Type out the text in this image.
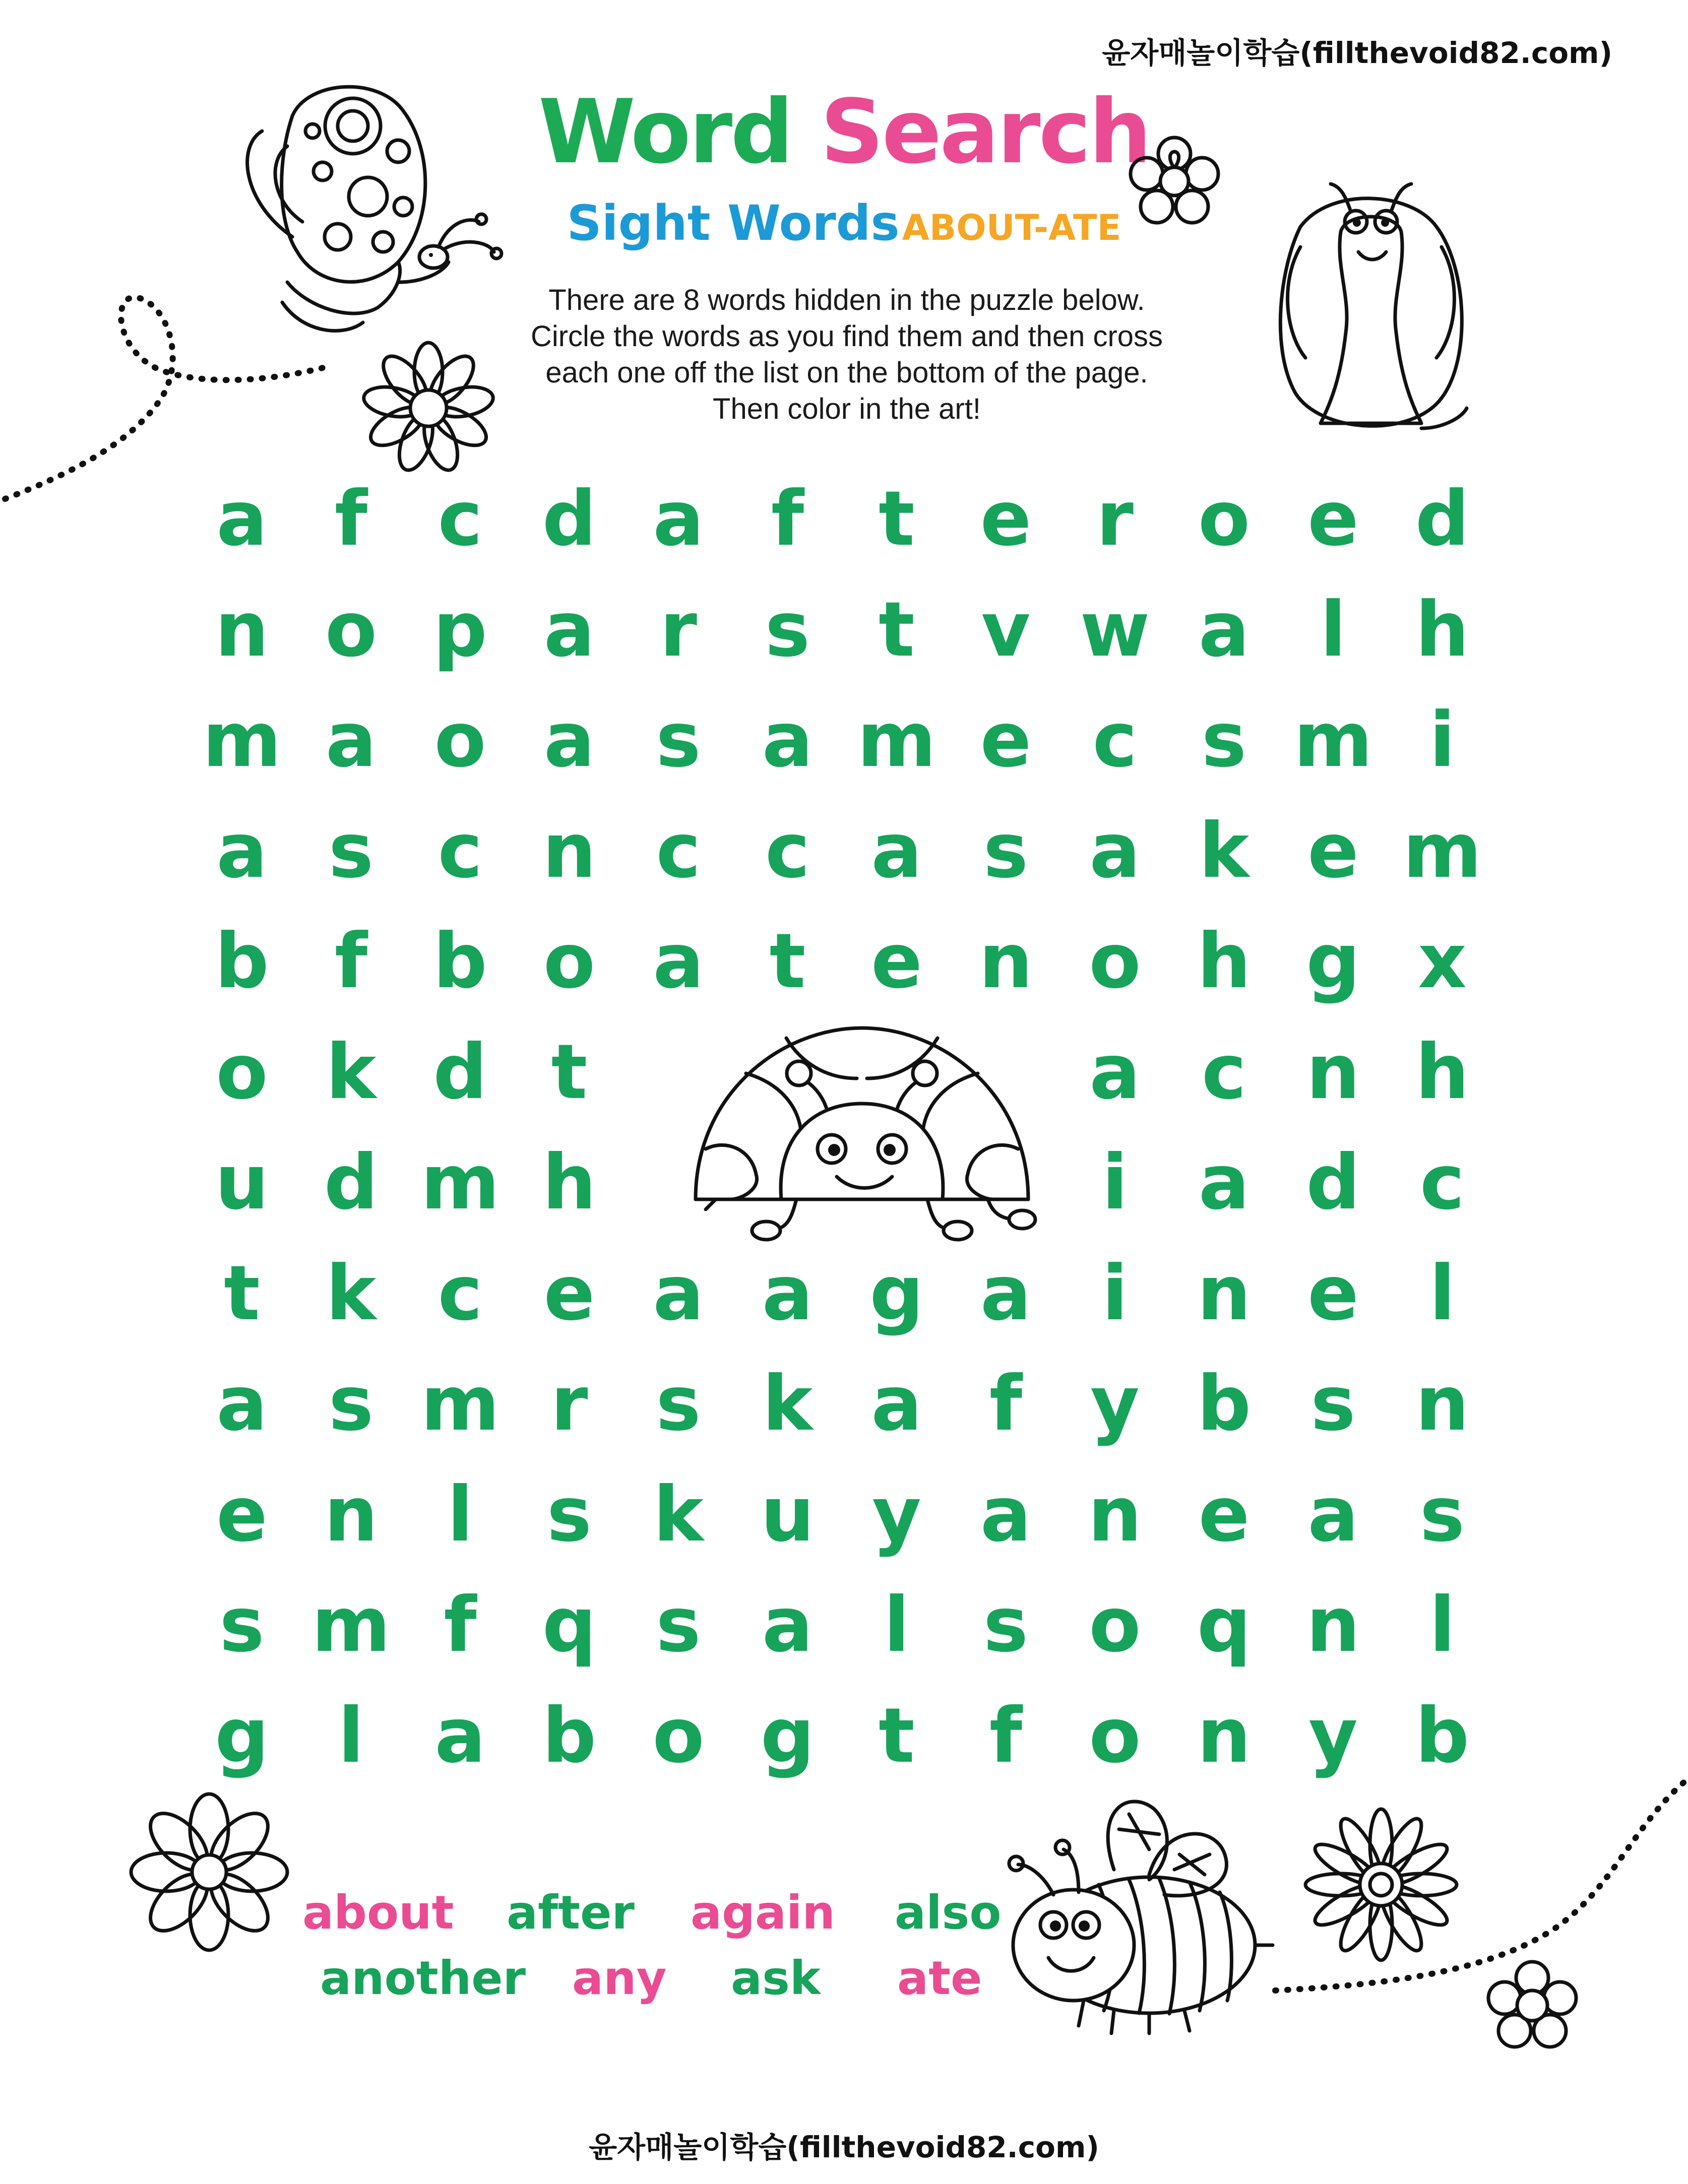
윤자매놀이학습(fillthevoid82.com)
Word Search
Sight Words ABOUT-ATE
There are 8 words hidden in the puzzle below.
Circle the words as you find them and then cross
each one off the list on the bottom of the page.
Then color in the art!
a f c d a f t e r o e d
n o p a r s t v w a l h
m a o a s a m e c s m i
a s c n c c a s a k e m
b f b o a t e n o h g x
o k d t	a c n h
u d m h	i a d c
t k c e a a g a i n e l
a s m r s k a f y b s n
e n l s k u y a n e a s
s m f q s a l s o q n l
g l a b o g t f o n y b
about after again also
another any ask ate
윤자매놀이학습(fillthevoid82.com)
